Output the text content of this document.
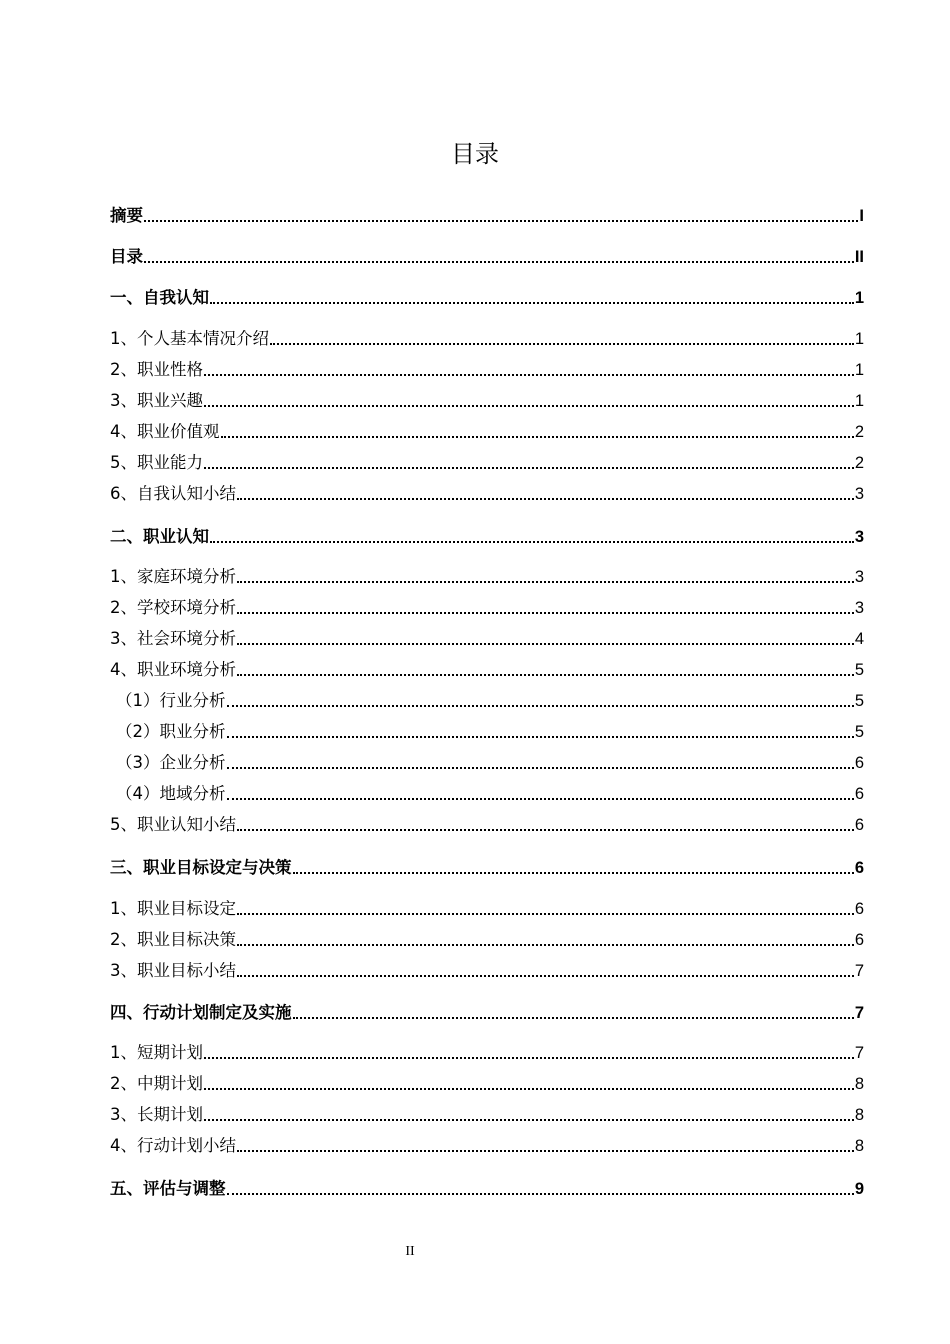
目录
摘要	I
目录	II
一、自我认知	1
1、个人基本情况介绍	1
2、职业性格	1
3、职业兴趣	1
4、职业价值观	2
5、职业能力	2
6、自我认知小结	3
二、职业认知	3
1、家庭环境分析	3
2、学校环境分析	3
3、社会环境分析	4
4、职业环境分析	5
（1）行业分析	5
（2）职业分析	5
（3）企业分析	6
（4）地域分析	6
5、职业认知小结	6
三、职业目标设定与决策	6
1、职业目标设定	6
2、职业目标决策	6
3、职业目标小结	7
四、行动计划制定及实施	7
1、短期计划	7
2、中期计划	8
3、长期计划	8
4、行动计划小结	8
五、评估与调整	9
II
